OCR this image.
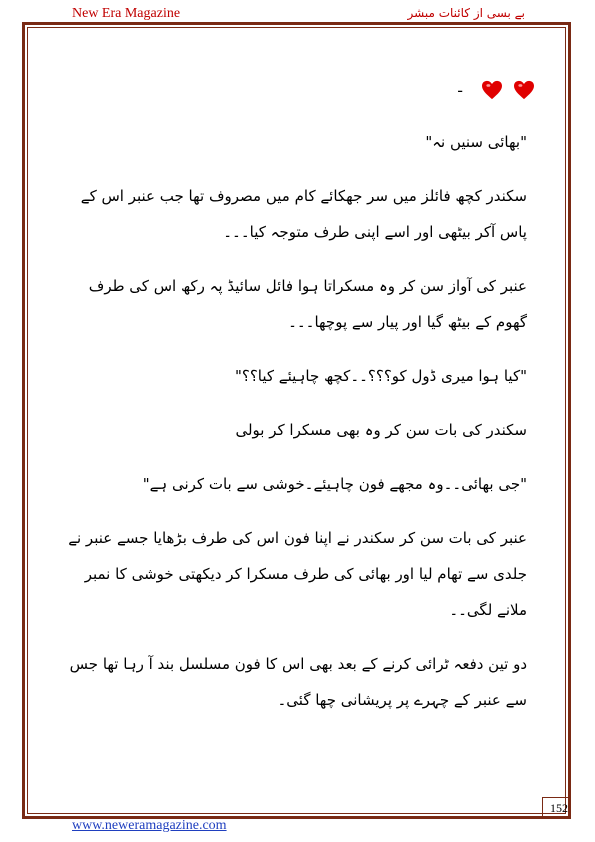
New Era Magazine	بے بسی از کائنات مبشر
-

"بھائی سنیں نہ"

سکندر کچھ فائلز میں سر جھکائے کام میں مصروف تھا جب عنبر اس کے پاس آکر بیٹھی اور اسے اپنی طرف متوجہ کیا۔۔۔

عنبر کی آواز سن کر وہ مسکراتا ہوا فائل سائیڈ پہ رکھ اس کی طرف گھوم کے بیٹھ گیا اور پیار سے پوچھا۔۔۔

"کیا ہوا میری ڈول کو؟؟؟۔۔کچھ چاہیئے کیا؟؟"

سکندر کی بات سن کر وہ بھی مسکرا کر بولی

"جی بھائی۔۔وہ مجھے فون چاہیئے۔خوشی سے بات کرنی ہے"

عنبر کی بات سن کر سکندر نے اپنا فون اس کی طرف بڑھایا جسے عنبر نے جلدی سے تھام لیا اور بھائی کی طرف مسکرا کر دیکھتی خوشی کا نمبر ملانے لگی۔۔

دو تین دفعہ ٹرائی کرنے کے بعد بھی اس کا فون مسلسل بند آ رہا تھا جس سے عنبر کے چہرے پر پریشانی چھا گئی۔

152
www.neweramagazine.com
